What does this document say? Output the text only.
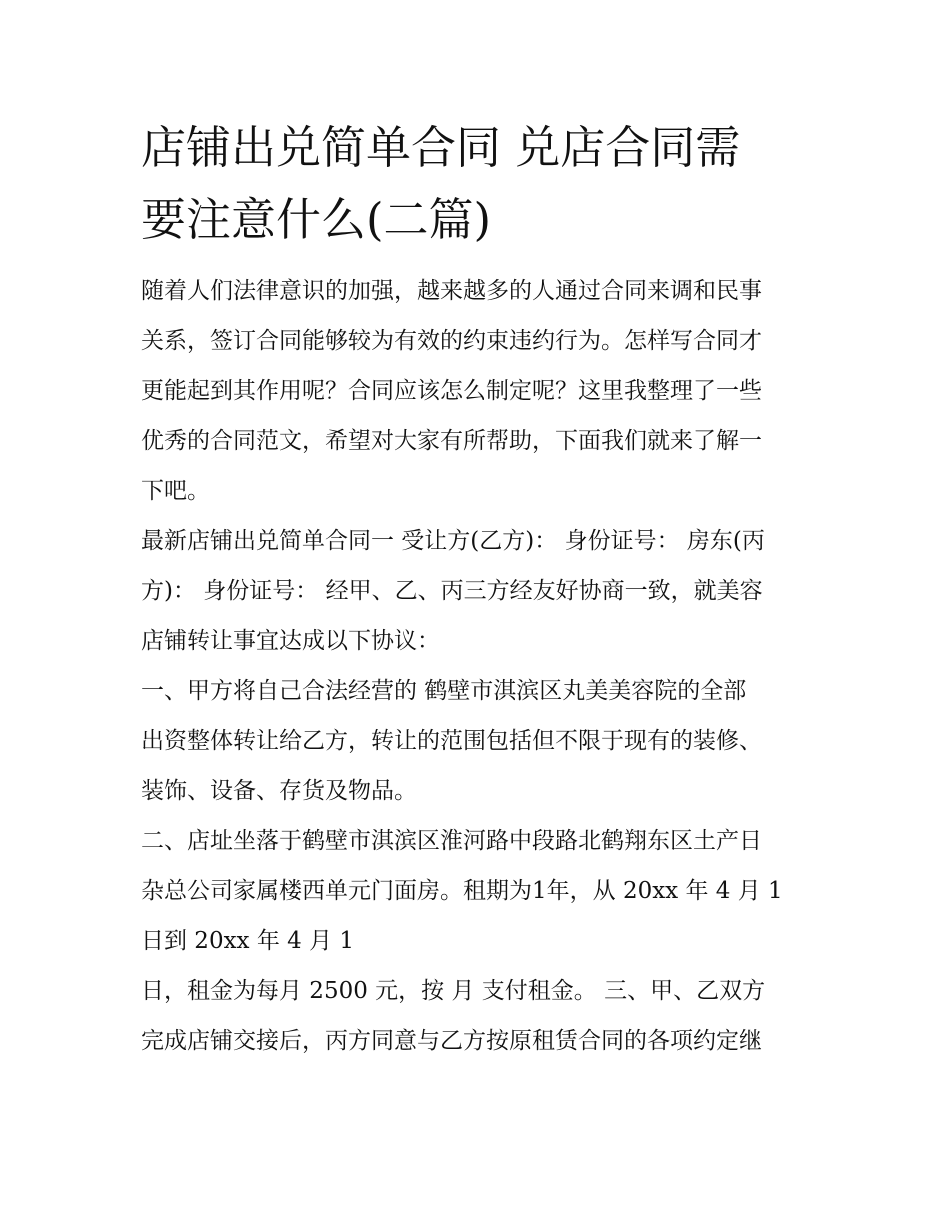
店铺出兑简单合同 兑店合同需
要注意什么(二篇)

随着人们法律意识的加强，越来越多的人通过合同来调和民事
关系，签订合同能够较为有效的约束违约行为。怎样写合同才
更能起到其作用呢？合同应该怎么制定呢？这里我整理了一些
优秀的合同范文，希望对大家有所帮助，下面我们就来了解一
下吧。

最新店铺出兑简单合同一 受让方(乙方)： 身份证号： 房东(丙
方)： 身份证号： 经甲、乙、丙三方经友好协商一致，就美容
店铺转让事宜达成以下协议：

一、甲方将自己合法经营的 鹤壁市淇滨区丸美美容院的全部
出资整体转让给乙方，转让的范围包括但不限于现有的装修、
装饰、设备、存货及物品。

二、店址坐落于鹤壁市淇滨区淮河路中段路北鹤翔东区土产日
杂总公司家属楼西单元门面房。租期为1年，从 20xx 年 4 月 1
日到 20xx 年 4 月 1

日，租金为每月 2500 元，按 月 支付租金。 三、甲、乙双方
完成店铺交接后，丙方同意与乙方按原租赁合同的各项约定继
